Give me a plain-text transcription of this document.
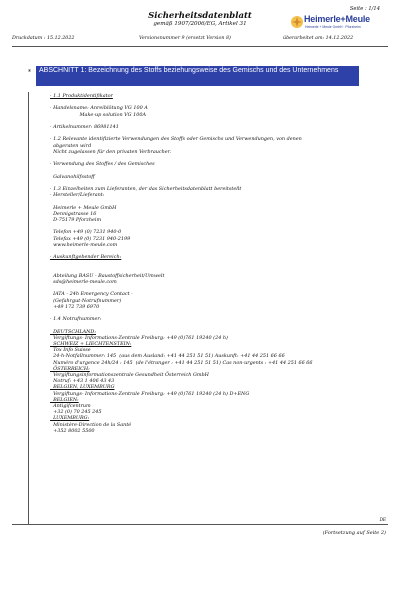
Seite : 1/14
Sicherheitsdatenblatt
gemäß 1907/2006/EG, Artikel 31	Heimerle+Meule
Heimerle + Meule GmbH · Pforzheim
Druckdatum : 15.12.2022	Versionsnummer 9 (ersetzt Version 8)	überarbeitet am: 14.12.2022
*	ABSCHNITT 1: Bezeichnung des Stoffs beziehungsweise des Gemischs und des Unternehmens
· 1.1 Produktidentifikator
· Handelsname: Anreiblötung VG 100 A
Make-up solution VG 100A
· Artikelnummer: 86981141
· 1.2 Relevante identifizierte Verwendungen des Stoffs oder Gemischs und Verwendungen, von denen
abgeraten wird
Nicht zugelassen für den privaten Verbraucher.
· Verwendung des Stoffes / des Gemisches
Galvanohilfsstoff
· 1.3 Einzelheiten zum Lieferanten, der das Sicherheitsdatenblatt bereitstellt
· Hersteller/Lieferant:
Heimerle + Meule GmbH
Dennigstrasse 16
D-75179 Pforzheim
Telefon +49 (0) 7231 940-0
Telefax +49 (0) 7231 940-2199
www.heimerle-meule.com
· Auskunftgebender Bereich:
Abteilung BASU - Baustoffsicherheit/Umwelt
sds@heimerle-meule.com
IATA - 24h Emergency Contact -
(Gefahrgut-Notrufnummer)
+49 172 739 6970
· 1.4 Notrufnummer:
DEUTSCHLAND:
Vergiftungs- Informations-Zentrale Freiburg: +49 (0)761 19240 (24 h)
SCHWEIZ + LIECHTENSTEIN:
Tox Info Suisse
24-h-Notfallnummer: 145  (aus dem Ausland: +41 44 251 51 51) Auskunft: +41 44 251 66 66
Numéro d'urgence 24h/24 : 145  (de l'étranger : +41 44 251 51 51) Cas non-urgents : +41 44 251 66 66
ÖSTERREICH:
Vergiftungsinformationszentrale Gesundheit Österreich GmbH
Notruf: +43 1 406 43 43
BELGIEN, LUXEMBURG
Vergiftungs- Informations-Zentrale Freiburg: +49 (0)761 19240 (24 h) D+ENG
BELGIEN:
Antigifcentrum
+32 (0) 70 245 245
LUXEMBURG:
Ministère-Direction de la Santé
+352 8002 5500
DE
(Fortsetzung auf Seite 2)
